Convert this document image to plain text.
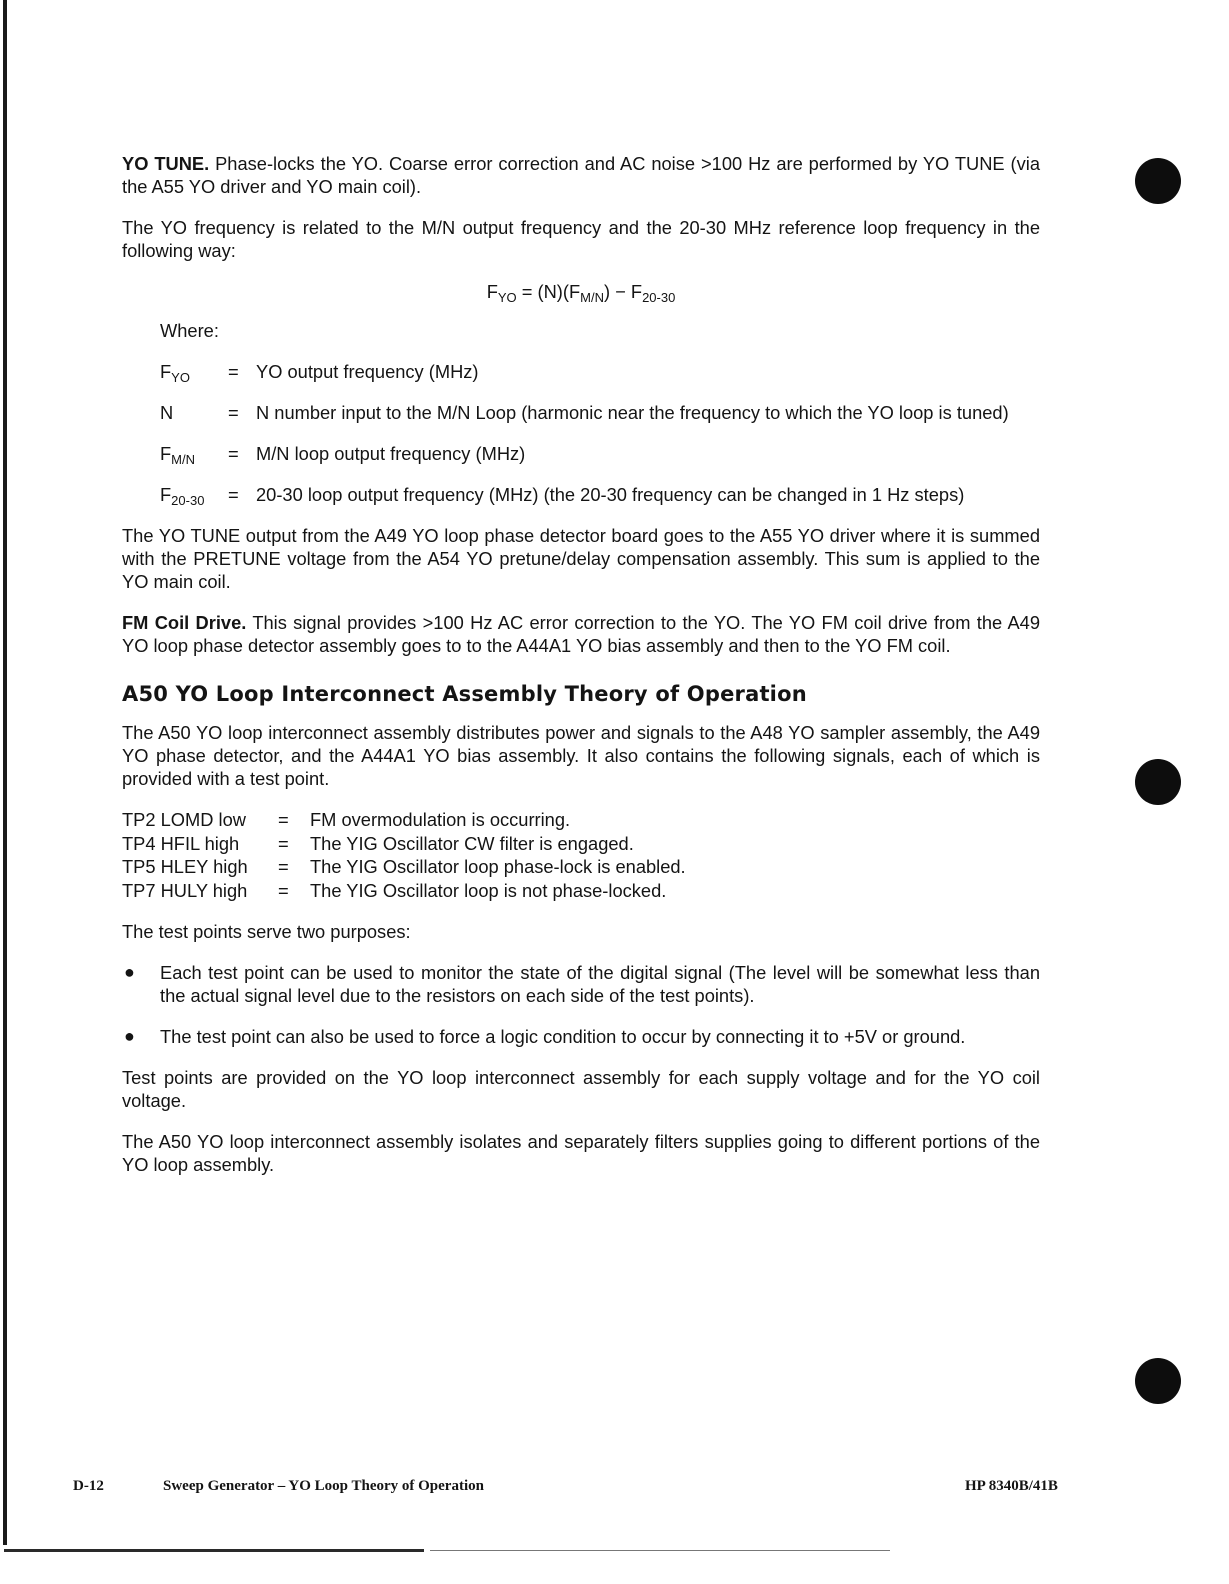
YO TUNE. Phase-locks the YO. Coarse error correction and AC noise >100 Hz are performed by YO TUNE (via the A55 YO driver and YO main coil).

The YO frequency is related to the M/N output frequency and the 20-30 MHz reference loop frequency in the following way:

$F_{YO} = (N)(F_{M/N}) - F_{20-30}$
Where:
$F_{YO}$	= YO output frequency (MHz)
N	= N number input to the M/N Loop (harmonic near the frequency to which the YO loop is tuned)
$F_{M/N}$	= M/N loop output frequency (MHz)
$F_{20-30}$	= 20-30 loop output frequency (MHz) (the 20-30 frequency can be changed in 1 Hz steps)

The YO TUNE output from the A49 YO loop phase detector board goes to the A55 YO driver where it is summed with the PRETUNE voltage from the A54 YO pretune/delay compensation assembly. This sum is applied to the YO main coil.

FM Coil Drive. This signal provides >100 Hz AC error correction to the YO. The YO FM coil drive from the A49 YO loop phase detector assembly goes to to the A44A1 YO bias assembly and then to the YO FM coil.

A50 YO Loop Interconnect Assembly Theory of Operation

The A50 YO loop interconnect assembly distributes power and signals to the A48 YO sampler assembly, the A49 YO phase detector, and the A44A1 YO bias assembly. It also contains the following signals, each of which is provided with a test point.

TP2 LOMD low	=	FM overmodulation is occurring.
TP4 HFIL high	=	The YIG Oscillator CW filter is engaged.
TP5 HLEY high	=	The YIG Oscillator loop phase-lock is enabled.
TP7 HULY high	=	The YIG Oscillator loop is not phase-locked.

The test points serve two purposes:

●	Each test point can be used to monitor the state of the digital signal (The level will be somewhat less than the actual signal level due to the resistors on each side of the test points).
●	The test point can also be used to force a logic condition to occur by connecting it to +5V or ground.

Test points are provided on the YO loop interconnect assembly for each supply voltage and for the YO coil voltage.

The A50 YO loop interconnect assembly isolates and separately filters supplies going to different portions of the YO loop assembly.

D-12	Sweep Generator – YO Loop Theory of Operation	HP 8340B/41B
